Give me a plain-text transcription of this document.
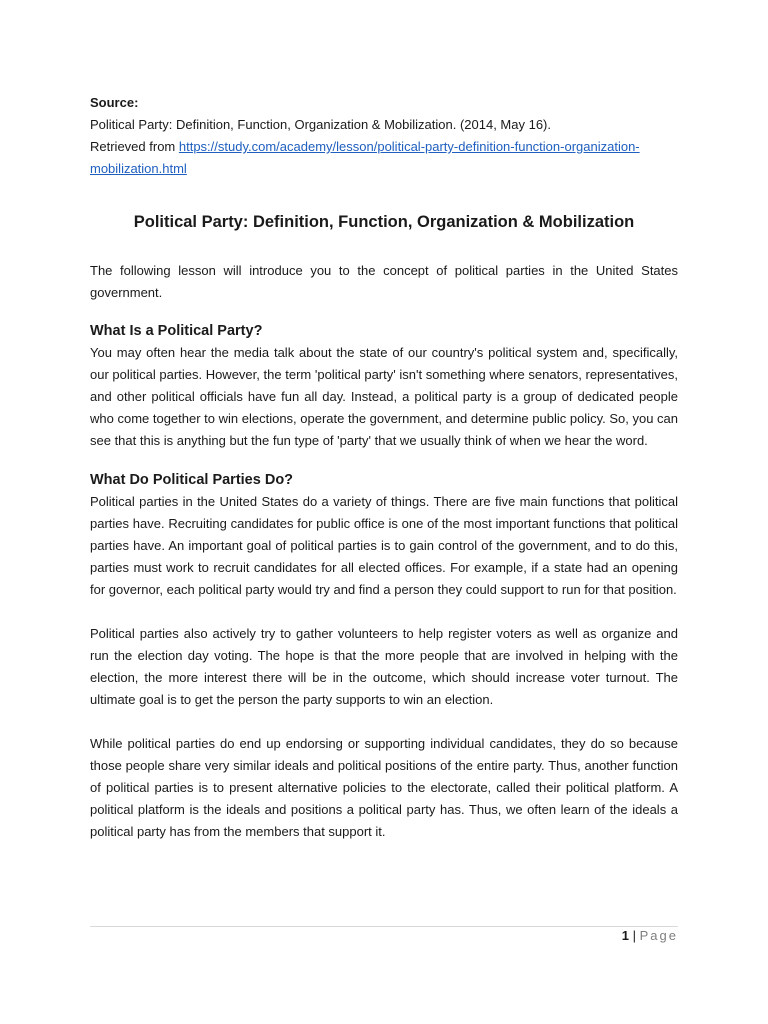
Source:

Political Party: Definition, Function, Organization & Mobilization. (2014, May 16).

Retrieved from https://study.com/academy/lesson/political-party-definition-function-organization-mobilization.html

Political Party: Definition, Function, Organization & Mobilization

The following lesson will introduce you to the concept of political parties in the United States government.

What Is a Political Party?

You may often hear the media talk about the state of our country's political system and, specifically, our political parties. However, the term 'political party' isn't something where senators, representatives, and other political officials have fun all day. Instead, a political party is a group of dedicated people who come together to win elections, operate the government, and determine public policy. So, you can see that this is anything but the fun type of 'party' that we usually think of when we hear the word.

What Do Political Parties Do?

Political parties in the United States do a variety of things. There are five main functions that political parties have. Recruiting candidates for public office is one of the most important functions that political parties have. An important goal of political parties is to gain control of the government, and to do this, parties must work to recruit candidates for all elected offices. For example, if a state had an opening for governor, each political party would try and find a person they could support to run for that position.

Political parties also actively try to gather volunteers to help register voters as well as organize and run the election day voting. The hope is that the more people that are involved in helping with the election, the more interest there will be in the outcome, which should increase voter turnout. The ultimate goal is to get the person the party supports to win an election.

While political parties do end up endorsing or supporting individual candidates, they do so because those people share very similar ideals and political positions of the entire party. Thus, another function of political parties is to present alternative policies to the electorate, called their political platform. A political platform is the ideals and positions a political party has. Thus, we often learn of the ideals a political party has from the members that support it.

1 | Page
